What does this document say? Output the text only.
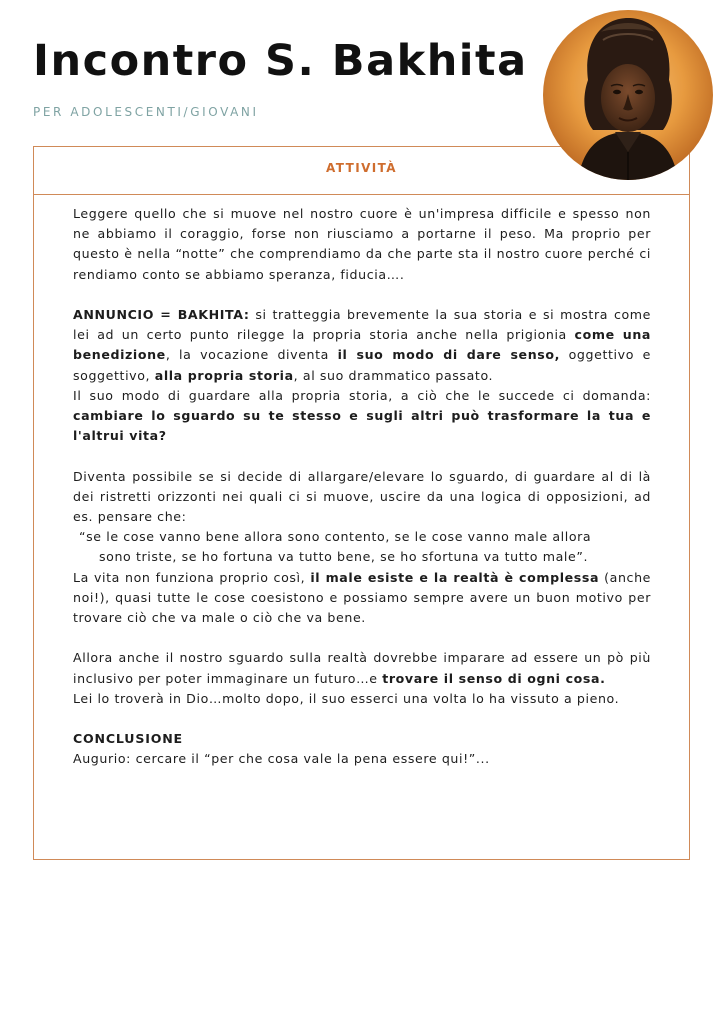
Incontro S. Bakhita
PER ADOLESCENTI/GIOVANI
ATTIVITÀ

Leggere quello che si muove nel nostro cuore è un'impresa difficile e spesso non ne abbiamo il coraggio, forse non riusciamo a portarne il peso. Ma proprio per questo è nella “notte” che comprendiamo da che parte sta il nostro cuore perché ci rendiamo conto se abbiamo speranza, fiducia….

ANNUNCIO = BAKHITA: si tratteggia brevemente la sua storia e si mostra come lei ad un certo punto rilegge la propria storia anche nella prigionia come una benedizione, la vocazione diventa il suo modo di dare senso, oggettivo e soggettivo, alla propria storia, al suo drammatico passato.

Il suo modo di guardare alla propria storia, a ciò che le succede ci domanda: cambiare lo sguardo su te stesso e sugli altri può trasformare la tua e l'altrui vita?

Diventa possibile se si decide di allargare/elevare lo sguardo, di guardare al di là dei ristretti orizzonti nei quali ci si muove, uscire da una logica di opposizioni, ad es. pensare che:

“se le cose vanno bene allora sono contento, se le cose vanno male allora
sono triste, se ho fortuna va tutto bene, se ho sfortuna va tutto male”.

La vita non funziona proprio così, il male esiste e la realtà è complessa (anche noi!), quasi tutte le cose coesistono e possiamo sempre avere un buon motivo per trovare ciò che va male o ciò che va bene.

Allora anche il nostro sguardo sulla realtà dovrebbe imparare ad essere un pò più inclusivo per poter immaginare un futuro…e trovare il senso di ogni cosa.

Lei lo troverà in Dio…molto dopo, il suo esserci una volta lo ha vissuto a pieno.

CONCLUSIONE

Augurio: cercare il “per che cosa vale la pena essere qui!”...
